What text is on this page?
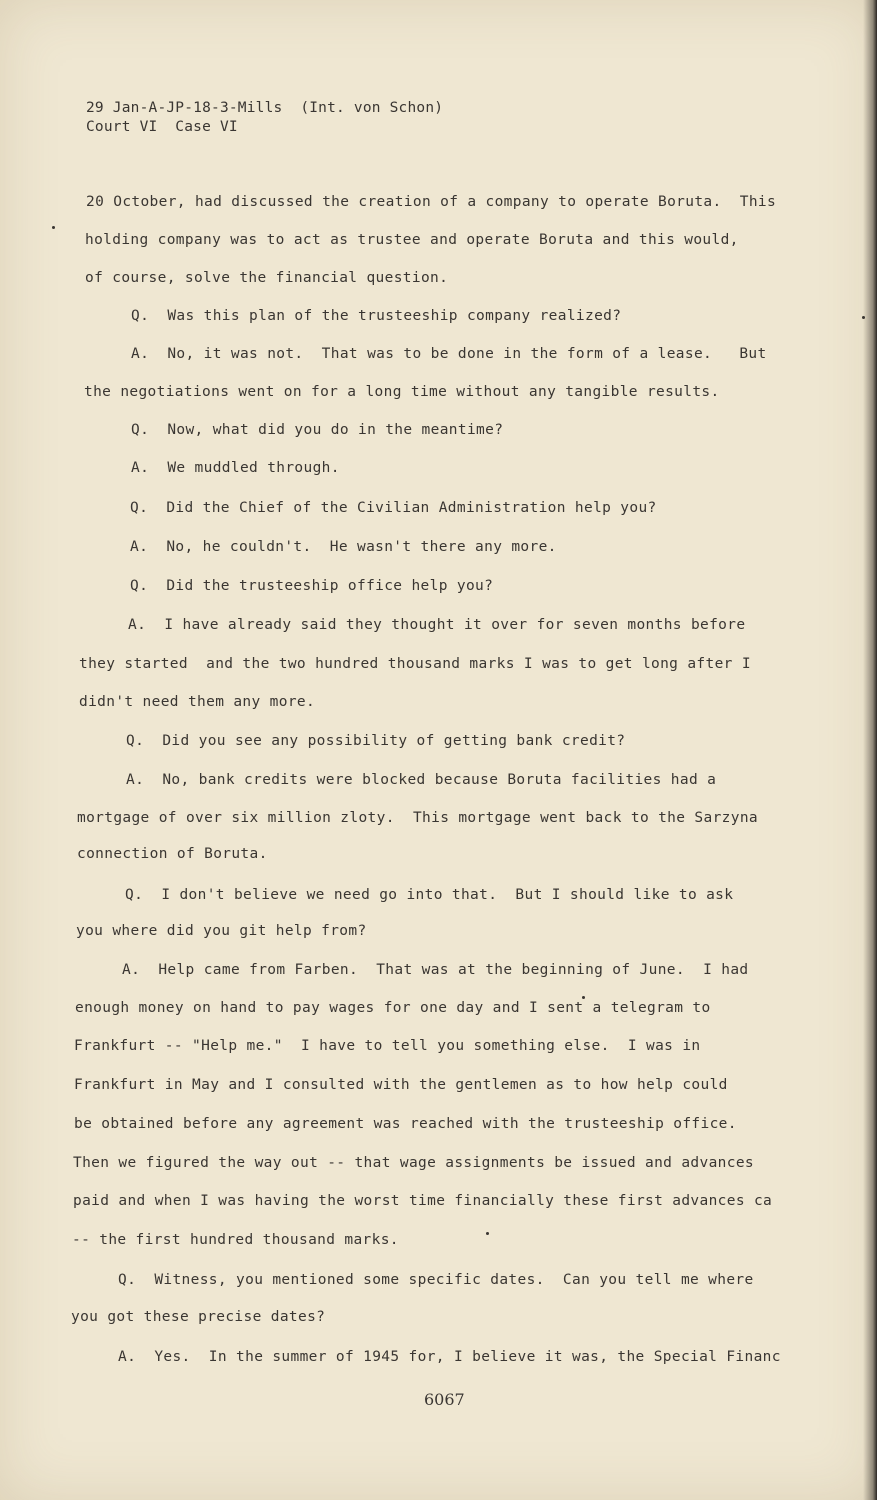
29 Jan-A-JP-18-3-Mills  (Int. von Schon)
Court VI  Case VI
20 October, had discussed the creation of a company to operate Boruta.  This
holding company was to act as trustee and operate Boruta and this would,
of course, solve the financial question.
Q.  Was this plan of the trusteeship company realized?
A.  No, it was not.  That was to be done in the form of a lease.   But
the negotiations went on for a long time without any tangible results.
Q.  Now, what did you do in the meantime?
A.  We muddled through.
Q.  Did the Chief of the Civilian Administration help you?
A.  No, he couldn't.  He wasn't there any more.
Q.  Did the trusteeship office help you?
A.  I have already said they thought it over for seven months before
they started  and the two hundred thousand marks I was to get long after I
didn't need them any more.
Q.  Did you see any possibility of getting bank credit?
A.  No, bank credits were blocked because Boruta facilities had a
mortgage of over six million zloty.  This mortgage went back to the Sarzyna
connection of Boruta.
Q.  I don't believe we need go into that.  But I should like to ask
you where did you git help from?
A.  Help came from Farben.  That was at the beginning of June.  I had
enough money on hand to pay wages for one day and I sent a telegram to
Frankfurt -- "Help me."  I have to tell you something else.  I was in
Frankfurt in May and I consulted with the gentlemen as to how help could
be obtained before any agreement was reached with the trusteeship office.
Then we figured the way out -- that wage assignments be issued and advances
paid and when I was having the worst time financially these first advances ca
-- the first hundred thousand marks.
Q.  Witness, you mentioned some specific dates.  Can you tell me where
you got these precise dates?
A.  Yes.  In the summer of 1945 for, I believe it was, the Special Financ
6067
